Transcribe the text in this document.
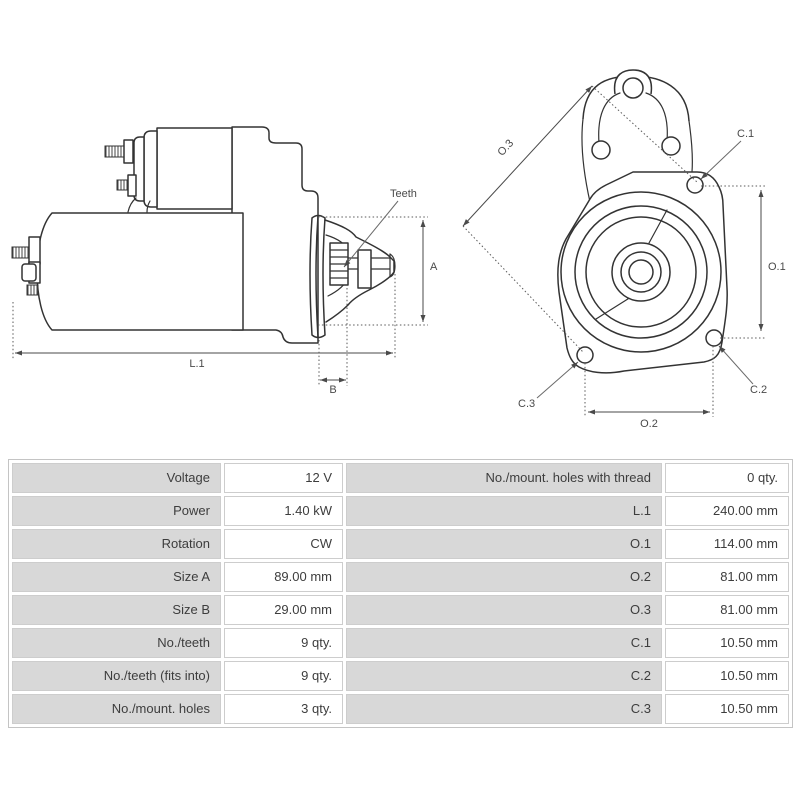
A
L.1
B
Teeth
O.3
O.1
O.2
C.1
C.2
C.3
Voltage	12 V	No./mount. holes with thread	0 qty.
Power	1.40 kW	L.1	240.00 mm
Rotation	CW	O.1	114.00 mm
Size A	89.00 mm	O.2	81.00 mm
Size B	29.00 mm	O.3	81.00 mm
No./teeth	9 qty.	C.1	10.50 mm
No./teeth (fits into)	9 qty.	C.2	10.50 mm
No./mount. holes	3 qty.	C.3	10.50 mm
